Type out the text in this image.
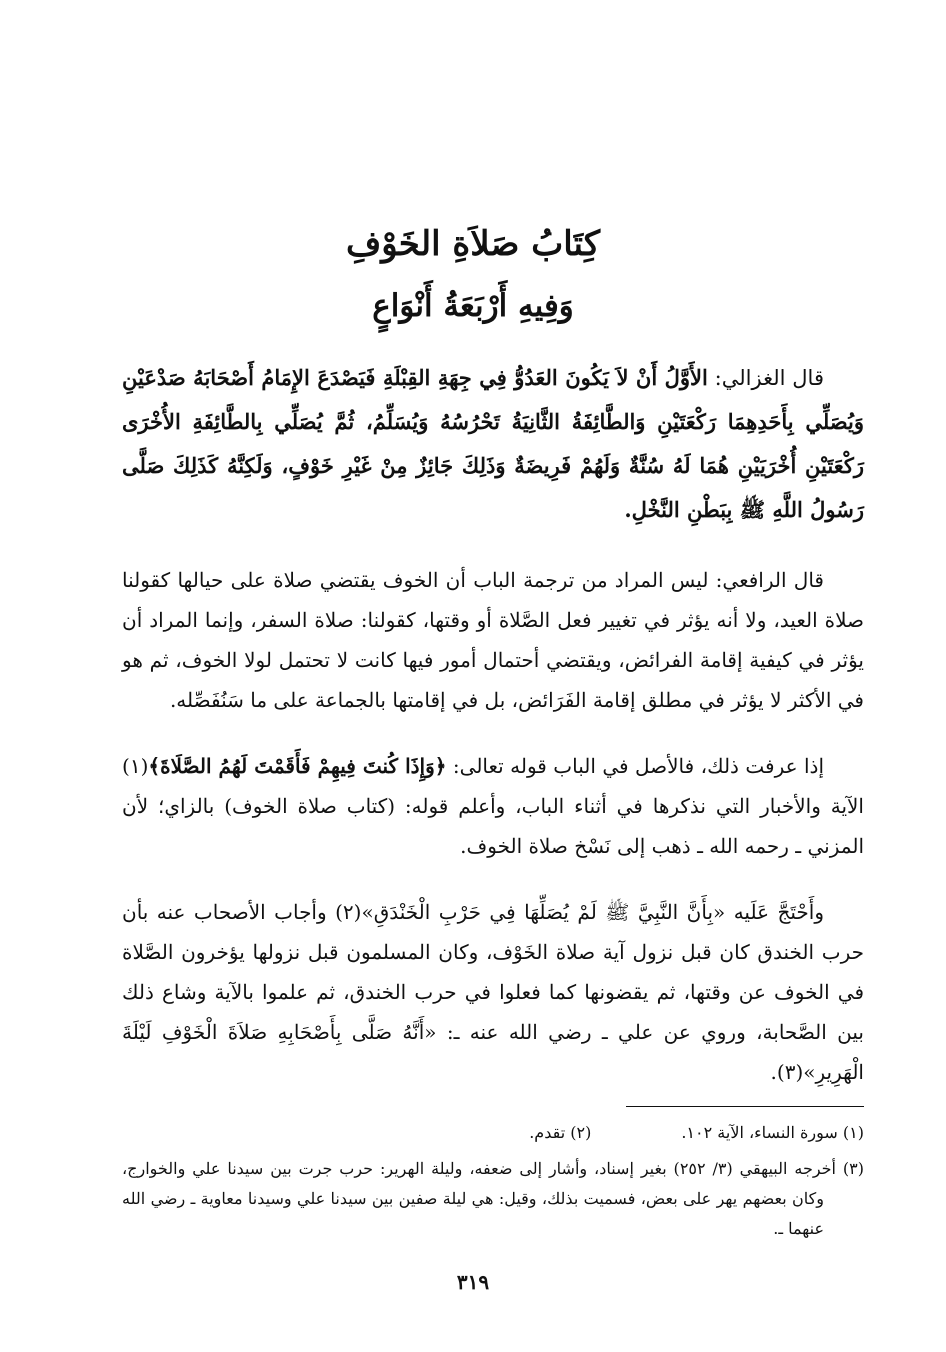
كِتَابُ صَلاَةِ الخَوْفِ
وَفِيهِ أَرْبَعَةُ أَنْوَاعٍ

قال الغزالي: الأَوَّلُ أَنْ لاَ يَكُونَ العَدُوُّ فِي جِهَةِ القِبْلَةِ فَيَصْدَعَ الإِمَامُ أَصْحَابَهُ صَدْعَيْنِ وَيُصَلِّي بِأَحَدِهِمَا رَكْعَتَيْنِ وَالطَّائِفَةُ الثَّانِيَةُ تَحْرُسُهُ وَيُسَلِّمُ، ثُمَّ يُصَلِّي بِالطَّائِفَةِ الأُخْرَى رَكْعَتَيْنِ أُخْرَيَيْنِ هُمَا لَهُ سُنَّةٌ وَلَهُمْ فَرِيضَةٌ وَذَلِكَ جَائِزٌ مِنْ غَيْرِ خَوْفٍ، وَلَكِنَّهُ كَذَلِكَ صَلَّى رَسُولُ اللَّهِ ﷺ بِبَطْنِ النَّخْلِ.

قال الرافعي: ليس المراد من ترجمة الباب أن الخوف يقتضي صلاة على حيالها كقولنا صلاة العيد، ولا أنه يؤثر في تغيير فعل الصَّلاة أو وقتها، كقولنا: صلاة السفر، وإنما المراد أن يؤثر في كيفية إقامة الفرائض، ويقتضي أحتمال أمور فيها كانت لا تحتمل لولا الخوف، ثم هو في الأكثر لا يؤثر في مطلق إقامة الفَرَائض، بل في إقامتها بالجماعة على ما سَنُفَصِّله.

إذا عرفت ذلك، فالأصل في الباب قوله تعالى: ﴿وَإِذَا كُنتَ فِيهِمْ فَأَقَمْتَ لَهُمُ الصَّلَاةَ﴾(١) الآية والأخبار التي نذكرها في أثناء الباب، وأعلم قوله: (كتاب صلاة الخوف) بالزاي؛ لأن المزني ـ رحمه الله ـ ذهب إلى نَسْخ صلاة الخوف.

وأَحْتَجَّ عَلَيه «بِأَنَّ النَّبِيَّ ﷺ لَمْ يُصَلِّهَا فِي حَرْبِ الْخَنْدَقِ»(٢) وأجاب الأصحاب عنه بأن حرب الخندق كان قبل نزول آية صلاة الخَوْف، وكان المسلمون قبل نزولها يؤخرون الصَّلاة في الخوف عن وقتها، ثم يقضونها كما فعلوا في حرب الخندق، ثم علموا بالآية وشاع ذلك بين الصَّحابة، وروي عن علي ـ رضي الله عنه ـ: «أَنَّهُ صَلَّى بِأَصْحَابِهِ صَلاَةَ الْخَوْفِ لَيْلَةَ الْهَرِيرِ»(٣).

(١) سورة النساء، الآية ١٠٢.
(٢) تقدم.

(٣) أخرجه البيهقي (٣/ ٢٥٢) بغير إسناد، وأشار إلى ضعفه، وليلة الهرير: حرب جرت بين سيدنا علي والخوارج، وكان بعضهم يهر على بعض، فسميت بذلك، وقيل: هي ليلة صفين بين سيدنا علي وسيدنا معاوية ـ رضي الله عنهما ـ.

٣١٩
